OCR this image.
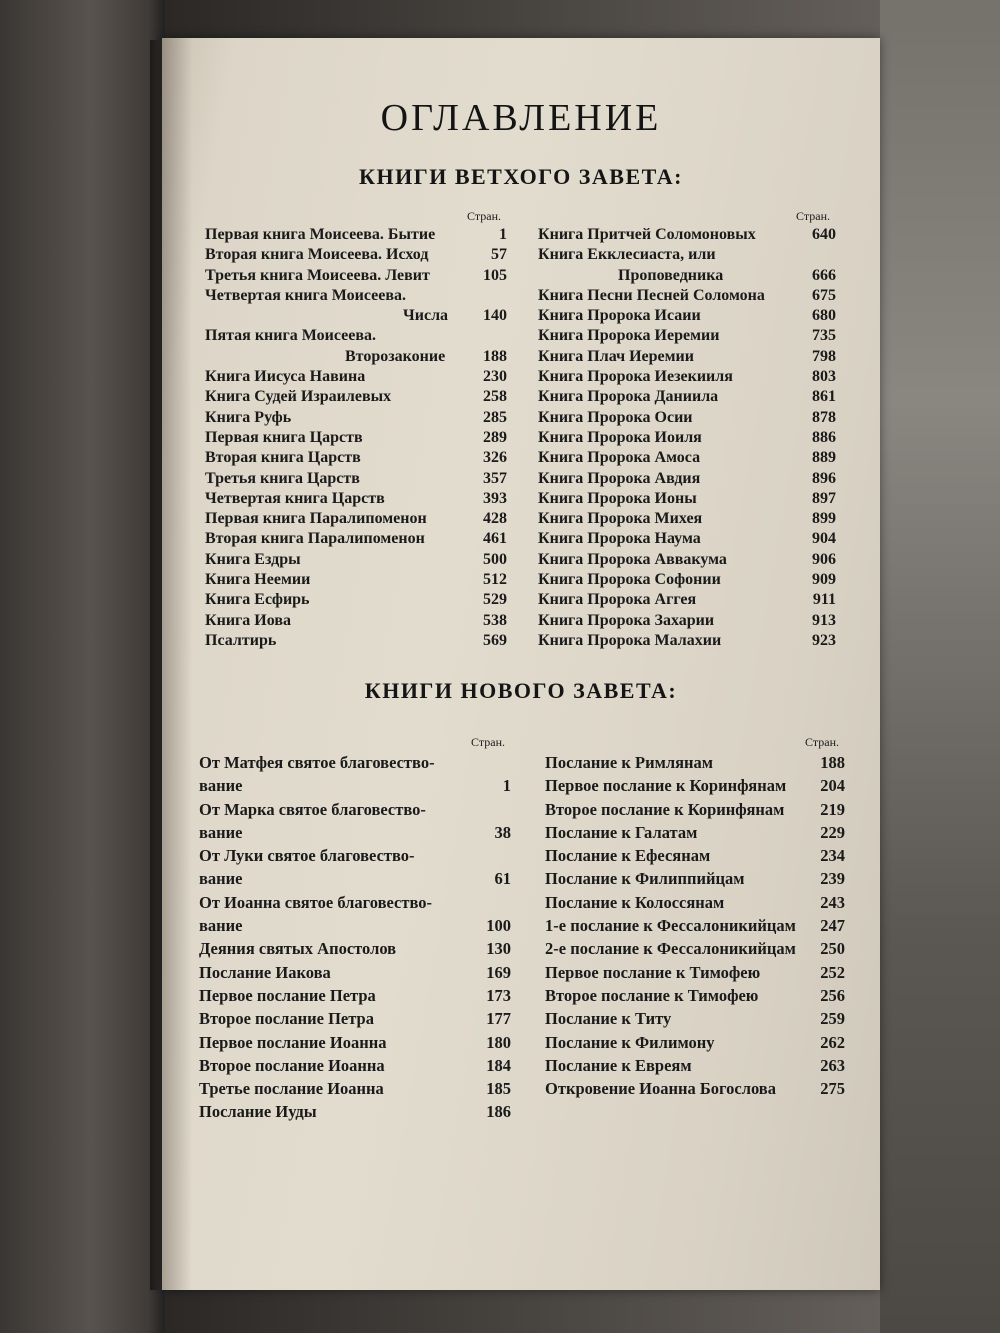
ОГЛАВЛЕНИЕ
КНИГИ ВЕТХОГО ЗАВЕТА:
Стран.
Первая книга Моисеева. Бытие	1
Вторая книга Моисеева. Исход	57
Третья книга Моисеева. Левит	105
Четвертая книга Моисеева.
Числа 140
Пятая книга Моисеева.
Второзаконие 188
Книга Иисуса Навина	230
Книга Судей Израилевых	258
Книга Руфь	285
Первая книга Царств	289
Вторая книга Царств	326
Третья книга Царств	357
Четвертая книга Царств	393
Первая книга Паралипоменон	428
Вторая книга Паралипоменон	461
Книга Ездры	500
Книга Неемии	512
Книга Есфирь	529
Книга Иова	538
Псалтирь	569
Стран.
Книга Притчей Соломоновых	640
Книга Екклесиаста, или
Проповедника	666
Книга Песни Песней Соломона	675
Книга Пророка Исаии	680
Книга Пророка Иеремии	735
Книга Плач Иеремии	798
Книга Пророка Иезекииля	803
Книга Пророка Даниила	861
Книга Пророка Осии	878
Книга Пророка Иоиля	886
Книга Пророка Амоса	889
Книга Пророка Авдия	896
Книга Пророка Ионы	897
Книга Пророка Михея	899
Книга Пророка Наума	904
Книга Пророка Аввакума	906
Книга Пророка Софонии	909
Книга Пророка Аггея	911
Книга Пророка Захарии	913
Книга Пророка Малахии	923
КНИГИ НОВОГО ЗАВЕТА:
Стран.
От Матфея святое благовество-
вание	1
От Марка святое благовество-
вание	38
От Луки святое благовество-
вание	61
От Иоанна святое благовество-
вание	100
Деяния святых Апостолов	130
Послание Иакова	169
Первое послание Петра	173
Второе послание Петра	177
Первое послание Иоанна	180
Второе послание Иоанна	184
Третье послание Иоанна	185
Послание Иуды	186
Стран.
Послание к Римлянам	188
Первое послание к Коринфянам 204
Второе послание к Коринфянам 219
Послание к Галатам	229
Послание к Ефесянам	234
Послание к Филиппийцам	239
Послание к Колоссянам	243
1-е послание к Фессалоникийцам 247
2-е послание к Фессалоникийцам 250
Первое послание к Тимофею	252
Второе послание к Тимофею	256
Послание к Титу	259
Послание к Филимону	262
Послание к Евреям	263
Откровение Иоанна Богослова	275
